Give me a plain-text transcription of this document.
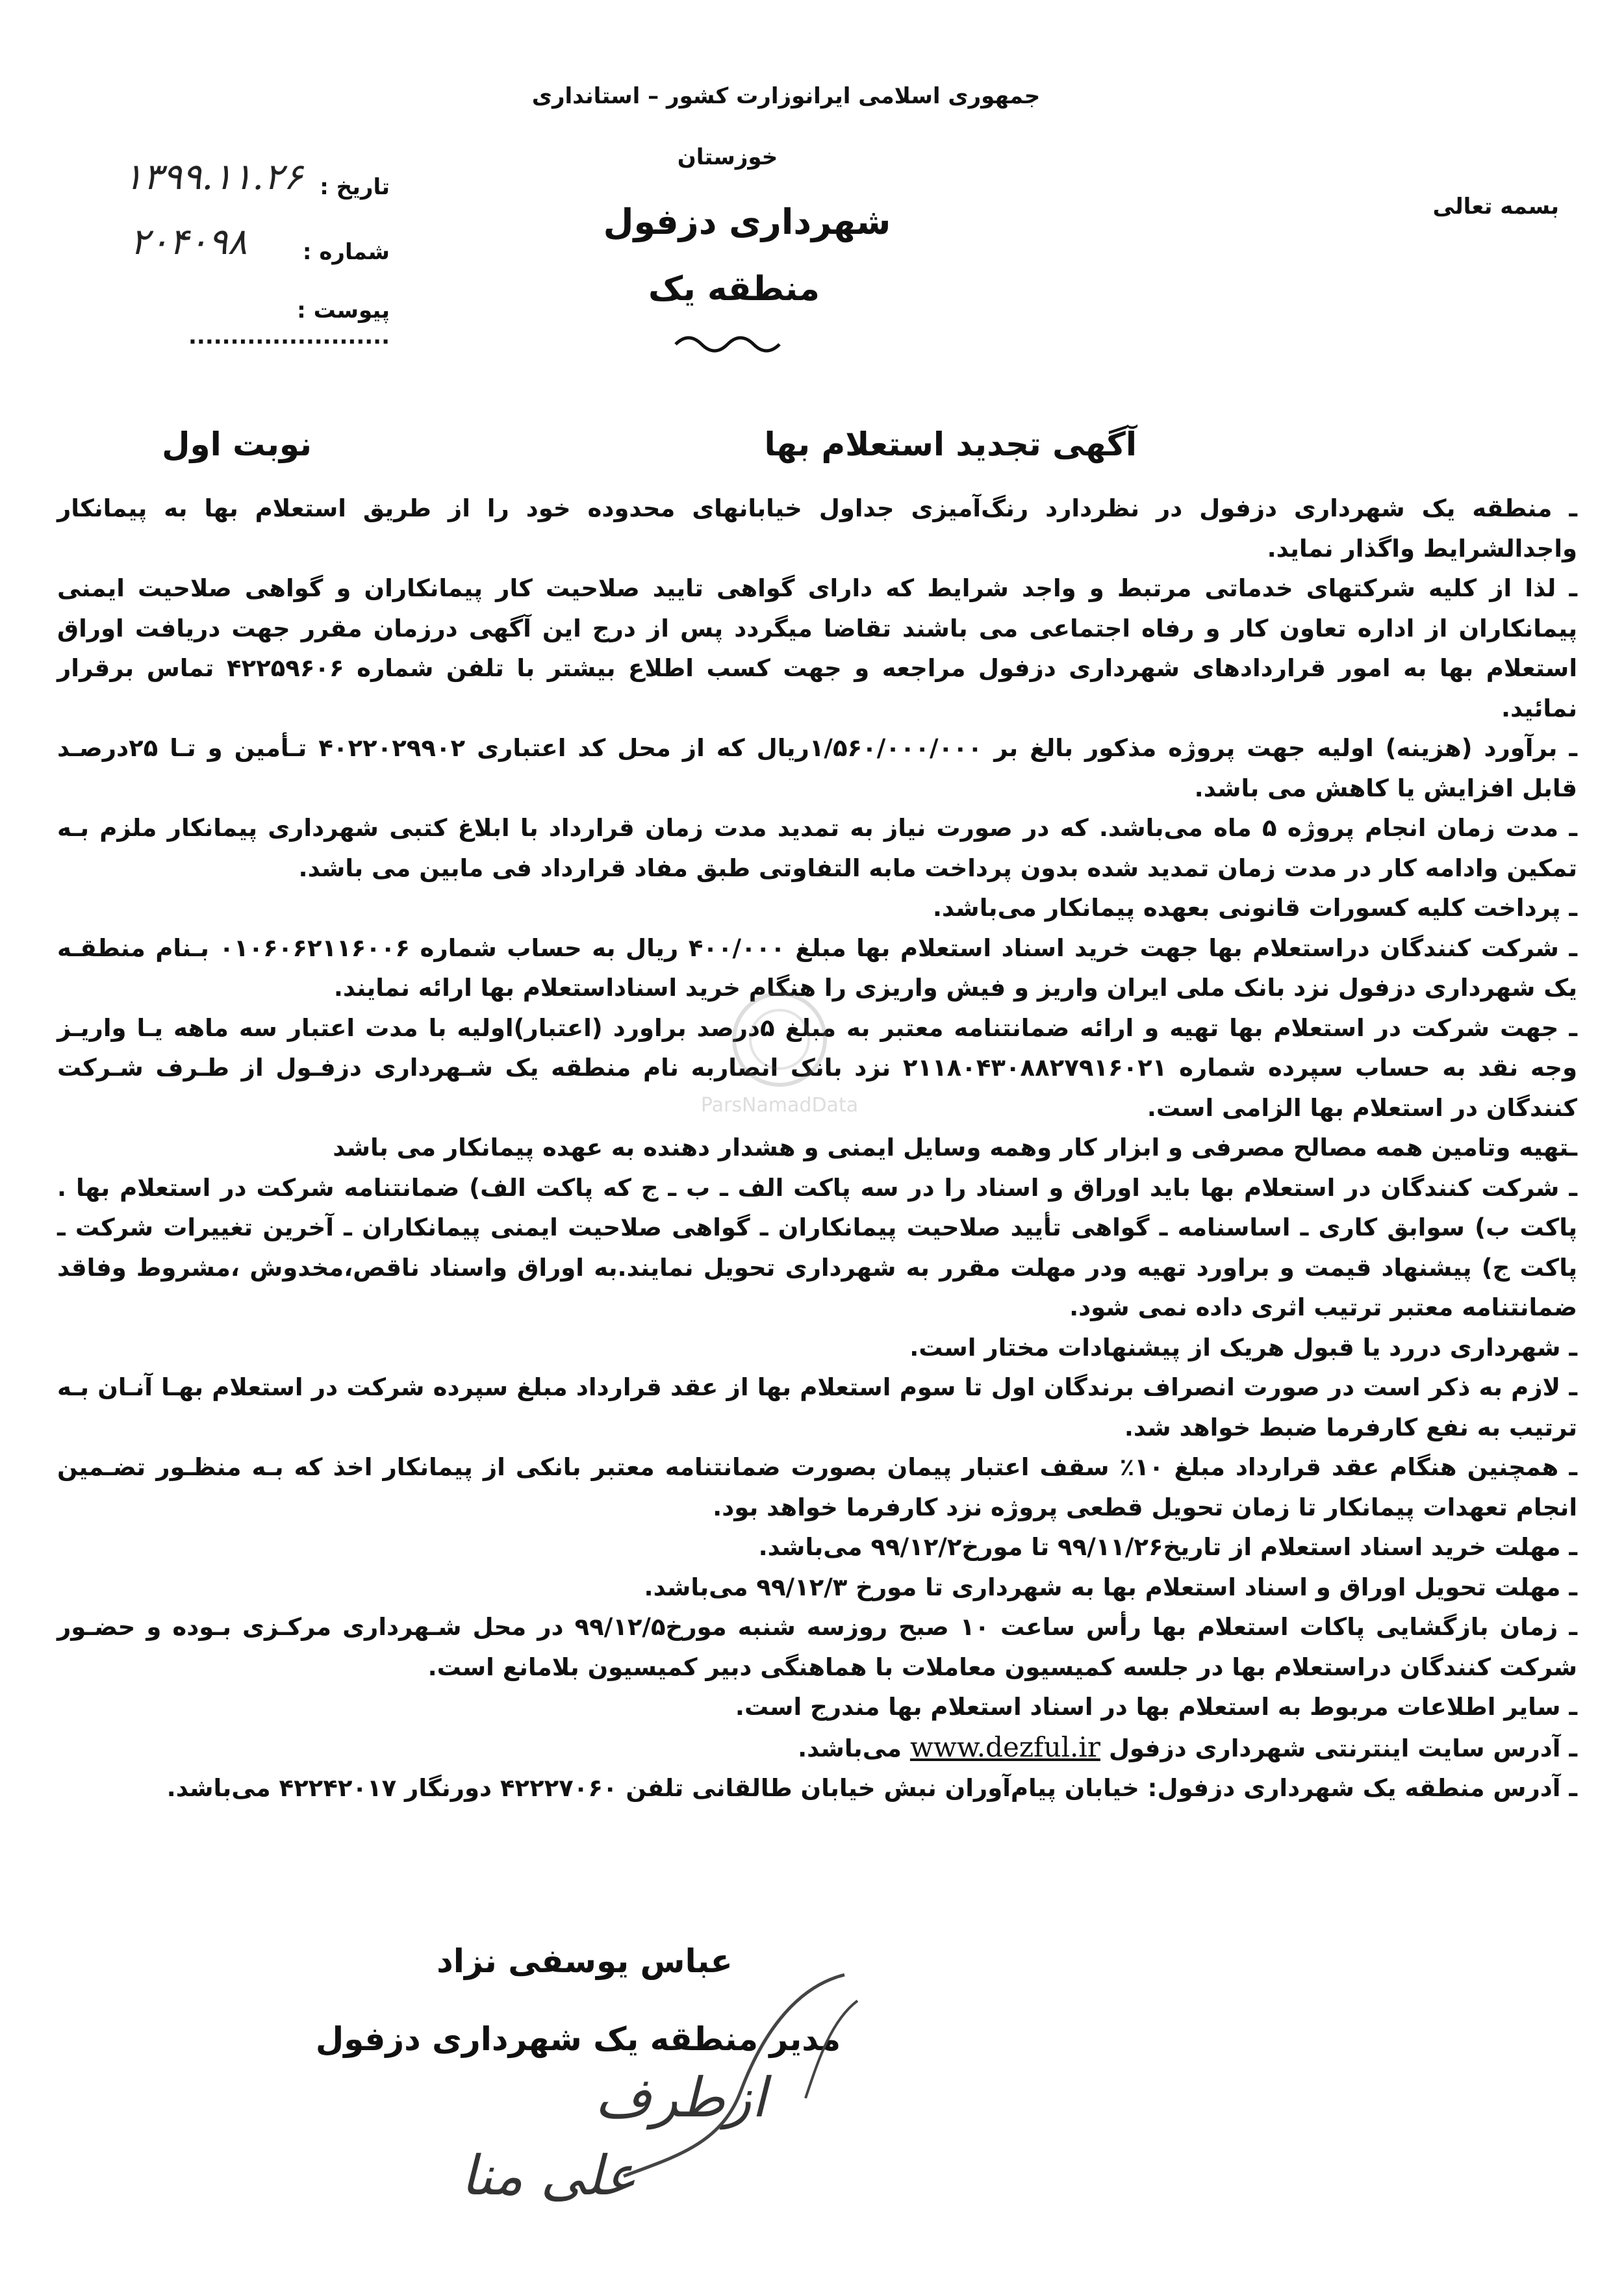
جمهوری اسلامی ایرانوزارت کشور – استانداری
خوزستان
بسمه تعالی
شهرداری دزفول
منطقه یک
تاریخ :
۱۳۹۹.۱۱.۲۶
شماره :
۲۰۴۰۹۸
پیوست : ........................
آگهی تجدید استعلام بها
نوبت اول

ـ منطقه یک شهرداری دزفول در نظردارد رنگ‌آمیزی جداول خیابانهای محدوده خود را از طریق استعلام بها به پیمانکار واجدالشرایط واگذار نماید.

ـ لذا از کلیه شرکتهای خدماتی مرتبط و واجد شرایط که دارای گواهی تایید صلاحیت کار پیمانکاران و گواهی صلاحیت ایمنی پیمانکاران از اداره تعاون کار و رفاه اجتماعی می باشند تقاضا میگردد پس از درج این آگهی درزمان مقرر جهت دریافت اوراق استعلام بها به امور قراردادهای شهرداری دزفول مراجعه و جهت کسب اطلاع بیشتر با تلفن شماره ۴۲۲۵۹۶۰۶ تماس برقرار نمائید.

ـ برآورد (هزینه) اولیه جهت پروژه مذکور بالغ بر ۱/۵۶۰/۰۰۰/۰۰۰ریال که از محل کد اعتباری ۴۰۲۲۰۲۹۹۰۲ تـأمین و تـا ۲۵درصـد قابل افزایش یا کاهش می باشد.

ـ مدت زمان انجام پروژه ۵ ماه می‌باشد. که در صورت نیاز به تمدید مدت زمان قرارداد با ابلاغ کتبی شهرداری پیمانکار ملزم بـه تمکین وادامه کار در مدت زمان تمدید شده بدون پرداخت مابه التفاوتی طبق مفاد قرارداد فی مابین می باشد.

ـ پرداخت کلیه کسورات قانونی بعهده پیمانکار می‌باشد.

ـ شرکت کنندگان دراستعلام بها جهت خرید اسناد استعلام بها مبلغ ۴۰۰/۰۰۰ ریال به حساب شماره ۰۱۰۶۰۶۲۱۱۶۰۰۶ بـنام منطقـه یک شهرداری دزفول نزد بانک ملی ایران واریز و فیش واریزی را هنگام خرید اسناداستعلام بها ارائه نمایند.

ـ جهت شرکت در استعلام بها تهیه و ارائه ضمانتنامه معتبر به مبلغ ۵درصد براورد (اعتبار)اولیه با مدت اعتبار سه ماهه یـا واریـز وجه نقد به حساب سپرده شماره ۲۱۱۸۰۴۳۰۸۸۲۷۹۱۶۰۲۱ نزد بانک انصاربه نام منطقه یک شـهرداری دزفـول از طـرف شـرکت کنندگان در استعلام بها الزامی است.

ـتهیه وتامین همه مصالح مصرفی و ابزار کار وهمه وسایل ایمنی و هشدار دهنده به عهده پیمانکار می باشد

ـ شرکت کنندگان در استعلام بها باید اوراق و اسناد را در سه پاکت الف ـ ب ـ ج که پاکت الف) ضمانتنامه شرکت در استعلام بها . پاکت ب) سوابق کاری ـ اساسنامه ـ گواهی تأیید صلاحیت پیمانکاران ـ گواهی صلاحیت ایمنی پیمانکاران ـ آخرین تغییرات شرکت ـ پاکت ج) پیشنهاد قیمت و براورد تهیه ودر مهلت مقرر به شهرداری تحویل نمایند.به اوراق واسناد ناقص،مخدوش ،مشروط وفاقد ضمانتنامه معتبر ترتیب اثری داده نمی شود.

ـ شهرداری دررد یا قبول هریک از پیشنهادات مختار است.

ـ لازم به ذکر است در صورت انصراف برندگان اول تا سوم استعلام بها از عقد قرارداد مبلغ سپرده شرکت در استعلام بهـا آنـان بـه ترتیب به نفع کارفرما ضبط خواهد شد.

ـ همچنین هنگام عقد قرارداد مبلغ ۱۰٪ سقف اعتبار پیمان بصورت ضمانتنامه معتبر بانکی از پیمانکار اخذ که بـه منظـور تضـمین انجام تعهدات پیمانکار تا زمان تحویل قطعی پروژه نزد کارفرما خواهد بود.

ـ مهلت خرید اسناد استعلام از تاریخ۹۹/۱۱/۲۶ تا مورخ۹۹/۱۲/۲ می‌باشد.

ـ مهلت تحویل اوراق و اسناد استعلام بها به شهرداری تا مورخ ۹۹/۱۲/۳ می‌باشد.

ـ زمان بازگشایی پاکات استعلام بها رأس ساعت ۱۰ صبح روزسه شنبه مورخ۹۹/۱۲/۵ در محل شـهرداری مرکـزی بـوده و حضـور شرکت کنندگان دراستعلام بها در جلسه کمیسیون معاملات با هماهنگی دبیر کمیسیون بلامانع است.

ـ سایر اطلاعات مربوط به استعلام بها در اسناد استعلام بها مندرج است.

ـ آدرس سایت اینترنتی شهرداری دزفول www.dezful.ir می‌باشد.

ـ آدرس منطقه یک شهرداری دزفول: خیابان پیام‌آوران نبش خیابان طالقانی تلفن ۴۲۲۲۷۰۶۰ دورنگار ۴۲۲۴۲۰۱۷ می‌باشد.

ParsNamadData
عباس یوسفی نزاد
مدیر منطقه یک شهرداری دزفول
ازطرف
علی منا
